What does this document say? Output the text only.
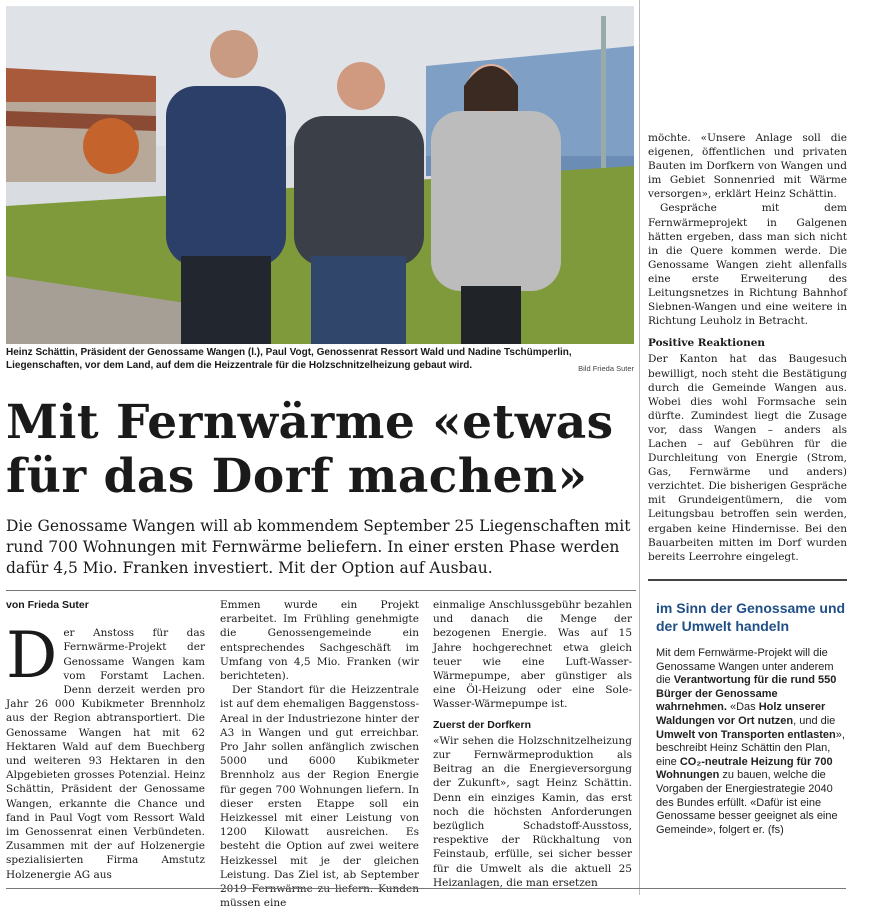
Heinz Schättin, Präsident der Genossame Wangen (l.), Paul Vogt, Genossenrat Ressort Wald und Nadine Tschümperlin, Liegenschaften, vor dem Land, auf dem die Heizzentrale für die Holzschnitzelheizung gebaut wird.	Bild Frieda Suter

möchte. «Unsere Anlage soll die eigenen, öffentlichen und privaten Bauten im Dorfkern von Wangen und im Gebiet Sonnenried mit Wärme versorgen», erklärt Heinz Schättin.

Gespräche mit dem Fernwärmeprojekt in Galgenen hätten ergeben, dass man sich nicht in die Quere kommen werde. Die Genossame Wangen zieht allenfalls eine erste Erweiterung des Leitungsnetzes in Richtung Bahnhof Siebnen-Wangen und eine weitere in Richtung Leuholz in Betracht.

Positive Reaktionen

Der Kanton hat das Baugesuch bewilligt, noch steht die Bestätigung durch die Gemeinde Wangen aus. Wobei dies wohl Formsache sein dürfte. Zumindest liegt die Zusage vor, dass Wangen – anders als Lachen – auf Gebühren für die Durchleitung von Energie (Strom, Gas, Fernwärme und anders) verzichtet. Die bisherigen Gespräche mit Grundeigentümern, die vom Leitungsbau betroffen sein werden, ergaben keine Hindernisse. Bei den Bauarbeiten mitten im Dorf wurden bereits Leerrohre eingelegt.

Mit Fernwärme «etwas
für das Dorf machen»

Die Genossame Wangen will ab kommendem September 25 Liegenschaften mit rund 700 Wohnungen mit Fernwärme beliefern. In einer ersten Phase werden dafür 4,5 Mio. Franken investiert. Mit der Option auf Ausbau.

von Frieda Suter

Der Anstoss für das Fernwärme-Projekt der Genossame Wangen kam vom Forstamt Lachen. Denn derzeit werden pro Jahr 26 000 Kubikmeter Brennholz aus der Region abtransportiert. Die Genossame Wangen hat mit 62 Hektaren Wald auf dem Buechberg und weiteren 93 Hektaren in den Alpgebieten grosses Potenzial. Heinz Schättin, Präsident der Genossame Wangen, erkannte die Chance und fand in Paul Vogt vom Ressort Wald im Genossenrat einen Verbündeten. Zusammen mit der auf Holzenergie spezialisierten Firma Amstutz Holzenergie AG aus

Emmen wurde ein Projekt erarbeitet. Im Frühling genehmigte die Genossengemeinde ein entsprechendes Sachgeschäft im Umfang von 4,5 Mio. Franken (wir berichteten).

Der Standort für die Heizzentrale ist auf dem ehemaligen Baggenstoss-Areal in der Industriezone hinter der A3 in Wangen und gut erreichbar. Pro Jahr sollen anfänglich zwischen 5000 und 6000 Kubikmeter Brennholz aus der Region Energie für gegen 700 Wohnungen liefern. In dieser ersten Etappe soll ein Heizkessel mit einer Leistung von 1200 Kilowatt ausreichen. Es besteht die Option auf zwei weitere Heizkessel mit je der gleichen Leistung. Das Ziel ist, ab September 2019 Fernwärme zu liefern. Kunden müssen eine

einmalige Anschlussgebühr bezahlen und danach die Menge der bezogenen Energie. Was auf 15 Jahre hochgerechnet etwa gleich teuer wie eine Luft-Wasser-Wärmepumpe, aber günstiger als eine Öl-Heizung oder eine Sole-Wasser-Wärmepumpe ist.

Zuerst der Dorfkern

«Wir sehen die Holzschnitzelheizung zur Fernwärmeproduktion als Beitrag an die Energieversorgung der Zukunft», sagt Heinz Schättin. Denn ein einziges Kamin, das erst noch die höchsten Anforderungen bezüglich Schadstoff-Ausstoss, respektive der Rückhaltung von Feinstaub, erfülle, sei sicher besser für die Umwelt als die aktuell 25 Heizanlagen, die man ersetzen

im Sinn der Genossame und der Umwelt handeln

Mit dem Fernwärme-Projekt will die Genossame Wangen unter anderem die Verantwortung für die rund 550 Bürger der Genossame wahrnehmen. «Das Holz unserer Waldungen vor Ort nutzen, und die Umwelt von Transporten entlasten», beschreibt Heinz Schättin den Plan, eine CO₂-neutrale Heizung für 700 Wohnungen zu bauen, welche die Vorgaben der Energiestrategie 2040 des Bundes erfüllt. «Dafür ist eine Genossame besser geeignet als eine Gemeinde», folgert er. (fs)
